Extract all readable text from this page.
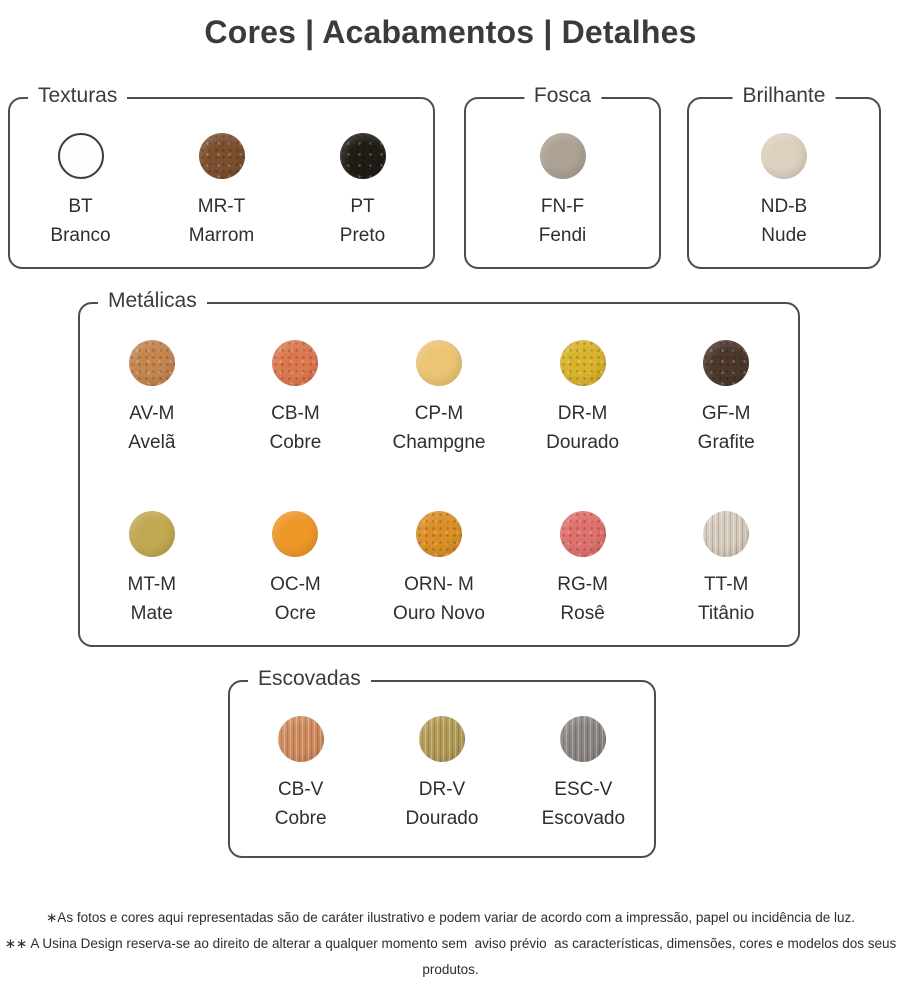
Cores | Acabamentos | Detalhes
Texturas
BT
Branco
MR-T
Marrom
PT
Preto
Fosca
FN-F
Fendi
Brilhante
ND-B
Nude
Metálicas
AV-M
Avelã
CB-M
Cobre
CP-M
Champgne
DR-M
Dourado
GF-M
Grafite
MT-M
Mate
OC-M
Ocre
ORN- M
Ouro Novo
RG-M
Rosê
TT-M
Titânio
Escovadas
CB-V
Cobre
DR-V
Dourado
ESC-V
Escovado

∗As fotos e cores aqui representadas são de caráter ilustrativo e podem variar de acordo com a impressão, papel ou incidência de luz.

∗∗ A Usina Design reserva-se ao direito de alterar a qualquer momento sem  aviso prévio  as características, dimensões, cores e modelos dos seus produtos.
